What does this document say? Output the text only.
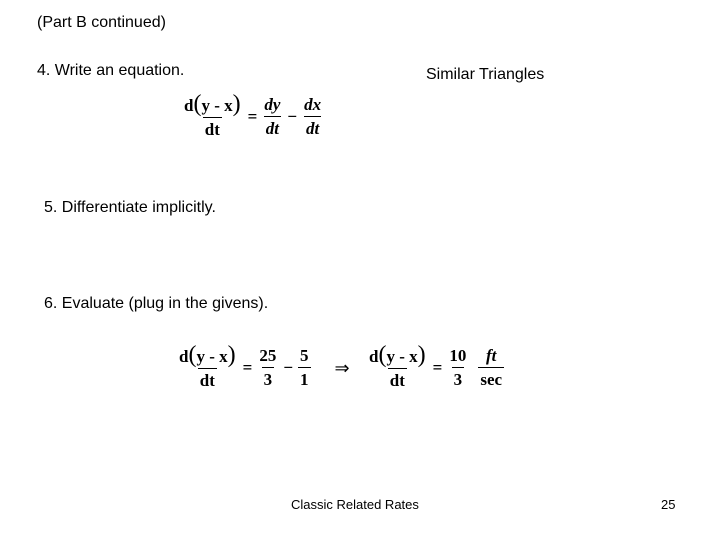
(Part B continued)
4. Write an equation.	Similar Triangles
$\frac{d(y - x)}{dt} = \frac{dy}{dt} - \frac{dx}{dt}$
5. Differentiate implicitly.
6. Evaluate (plug in the givens).
$\frac{d(y - x)}{dt} = \frac{25}{3} - \frac{5}{1}$ ⇒ $\frac{d(y - x)}{dt} = \frac{10}{3} \frac{ft}{\sec}$
Classic Related Rates	25
